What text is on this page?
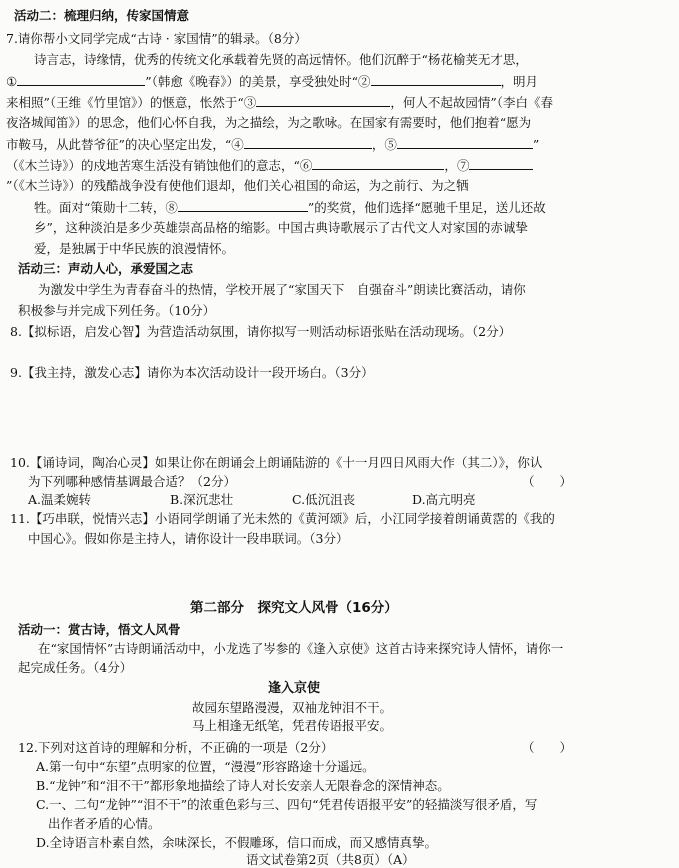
活动二：梳理归纳，传家国情意
7.请你帮小文同学完成“古诗 · 家国情”的辑录。（8分）
诗言志，诗缘情，优秀的传统文化承载着先贤的高远情怀。他们沉醉于“杨花榆荚无才思，
①	”（韩愈《晚春》）的美景，享受独处时“②	，明月
来相照”（王维《竹里馆》）的惬意，怅然于“③	，何人不起故园情”（李白《春
夜洛城闻笛》）的思念，他们心怀自我，为之描绘，为之歌咏。在国家有需要时，他们抱着“愿为
市鞍马，从此替爷征”的决心坚定出发，“④	，⑤	”
（《木兰诗》）的戍地苦寒生活没有销蚀他们的意志，“⑥	，⑦
”（《木兰诗》）的残酷战争没有使他们退却，他们关心祖国的命运，为之前行、为之牺
牲。面对“策勋十二转，⑧	”的奖赏，他们选择“愿驰千里足，送儿还故
乡”，这种淡泊是多少英雄崇高品格的缩影。中国古典诗歌展示了古代文人对家国的赤诚挚
爱，是独属于中华民族的浪漫情怀。
活动三：声动人心，承爱国之志
为激发中学生为青春奋斗的热情，学校开展了“家国天下　自强奋斗”朗读比赛活动，请你
积极参与并完成下列任务。（10分）
8.【拟标语，启发心智】为营造活动氛围，请你拟写一则活动标语张贴在活动现场。（2分）
9.【我主持，激发心志】请你为本次活动设计一段开场白。（3分）
10.【诵诗词，陶冶心灵】如果让你在朗诵会上朗诵陆游的《十一月四日风雨大作（其二）》，你认
为下列哪种感情基调最合适？（2分）	（　　）
A.温柔婉转	B.深沉悲壮	C.低沉沮丧	D.高亢明亮
11.【巧串联，悦情兴志】小语同学朗诵了光未然的《黄河颂》后，小江同学接着朗诵黄霑的《我的
中国心》。假如你是主持人，请你设计一段串联词。（3分）
第二部分　探究文人风骨（16分）
活动一：赏古诗，悟文人风骨
在“家国情怀”古诗朗诵活动中，小龙选了岑参的《逢入京使》这首古诗来探究诗人情怀，请你一
起完成任务。（4分）
逢入京使
故园东望路漫漫，双袖龙钟泪不干。
马上相逢无纸笔，凭君传语报平安。
12.下列对这首诗的理解和分析，不正确的一项是（2分）	（　　）
A.第一句中“东望”点明家的位置，“漫漫”形容路途十分遥远。
B.“龙钟”和“泪不干”都形象地描绘了诗人对长安亲人无限眷念的深情神态。
C.一、二句“龙钟”“泪不干”的浓重色彩与三、四句“凭君传语报平安”的轻描淡写很矛盾，写
出作者矛盾的心情。
D.全诗语言朴素自然，余味深长，不假雕琢，信口而成，而又感情真挚。
语文试卷第2页（共8页）（A）
